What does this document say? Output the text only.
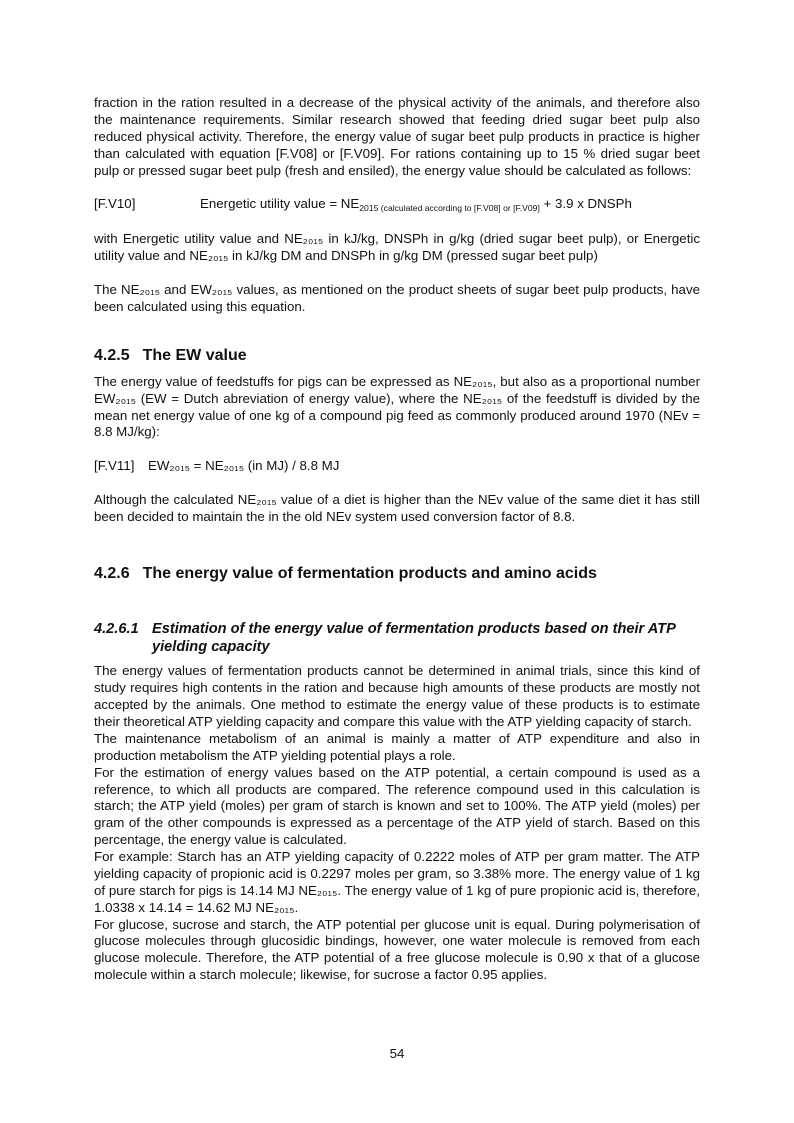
fraction in the ration resulted in a decrease of the physical activity of the animals, and therefore also the maintenance requirements. Similar research showed that feeding dried sugar beet pulp also reduced physical activity. Therefore, the energy value of sugar beet pulp products in practice is higher than calculated with equation [F.V08] or [F.V09]. For rations containing up to 15 % dried sugar beet pulp or pressed sugar beet pulp (fresh and ensiled), the energy value should be calculated as follows:

[F.V10]	Energetic utility value = $NE_{2015 (calculated according to [F.V08] or [F.V09]} + 3.9$ x DNSPh

with Energetic utility value and NE₂₀₁₅ in kJ/kg, DNSPh in g/kg (dried sugar beet pulp), or Energetic utility value and NE₂₀₁₅ in kJ/kg DM and DNSPh in g/kg DM (pressed sugar beet pulp)

The NE₂₀₁₅ and EW₂₀₁₅ values, as mentioned on the product sheets of sugar beet pulp products, have been calculated using this equation.

4.2.5 The EW value

The energy value of feedstuffs for pigs can be expressed as NE₂₀₁₅, but also as a proportional number EW₂₀₁₅ (EW = Dutch abreviation of energy value), where the NE₂₀₁₅ of the feedstuff is divided by the mean net energy value of one kg of a compound pig feed as commonly produced around 1970 (NEv = 8.8 MJ/kg):

[F.V11] EW₂₀₁₅ = NE₂₀₁₅ (in MJ) / 8.8 MJ

Although the calculated NE₂₀₁₅ value of a diet is higher than the NEv value of the same diet it has still been decided to maintain the in the old NEv system used conversion factor of 8.8.

4.2.6 The energy value of fermentation products and amino acids
4.2.6.1 Estimation of the energy value of fermentation products based on their ATP yielding capacity

The energy values of fermentation products cannot be determined in animal trials, since this kind of study requires high contents in the ration and because high amounts of these products are mostly not accepted by the animals. One method to estimate the energy value of these products is to estimate their theoretical ATP yielding capacity and compare this value with the ATP yielding capacity of starch.

The maintenance metabolism of an animal is mainly a matter of ATP expenditure and also in production metabolism the ATP yielding potential plays a role.

For the estimation of energy values based on the ATP potential, a certain compound is used as a reference, to which all products are compared. The reference compound used in this calculation is starch; the ATP yield (moles) per gram of starch is known and set to 100%. The ATP yield (moles) per gram of the other compounds is expressed as a percentage of the ATP yield of starch. Based on this percentage, the energy value is calculated.

For example: Starch has an ATP yielding capacity of 0.2222 moles of ATP per gram matter. The ATP yielding capacity of propionic acid is 0.2297 moles per gram, so 3.38% more. The energy value of 1 kg of pure starch for pigs is 14.14 MJ NE₂₀₁₅. The energy value of 1 kg of pure propionic acid is, therefore, 1.0338 x 14.14 = 14.62 MJ NE₂₀₁₅.

For glucose, sucrose and starch, the ATP potential per glucose unit is equal. During polymerisation of glucose molecules through glucosidic bindings, however, one water molecule is removed from each glucose molecule. Therefore, the ATP potential of a free glucose molecule is 0.90 x that of a glucose molecule within a starch molecule; likewise, for sucrose a factor 0.95 applies.

54
